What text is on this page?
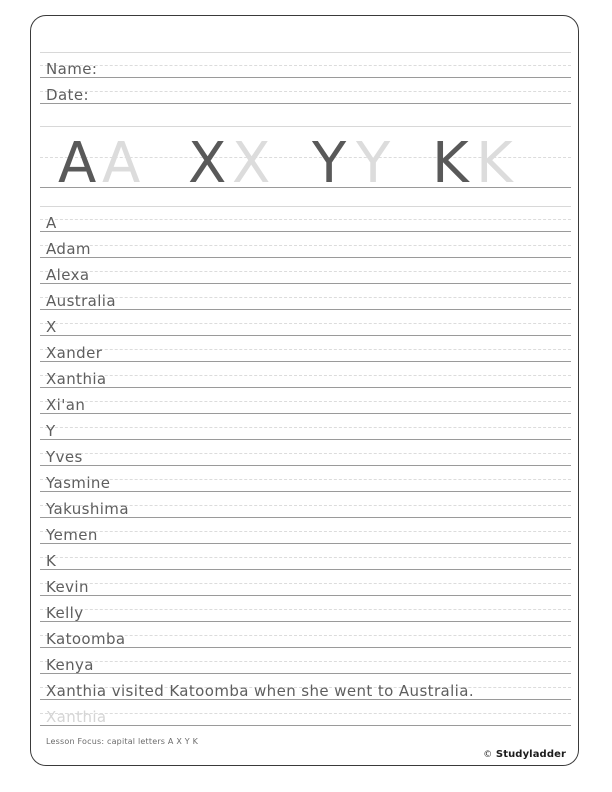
Name:
Date:
A A X X Y Y K K
A
Adam
Alexa
Australia
X
Xander
Xanthia
Xi'an
Y
Yves
Yasmine
Yakushima
Yemen
K
Kevin
Kelly
Katoomba
Kenya
Xanthia visited Katoomba when she went to Australia.
Xanthia
Lesson Focus: capital letters A X Y K
© Studyladder
